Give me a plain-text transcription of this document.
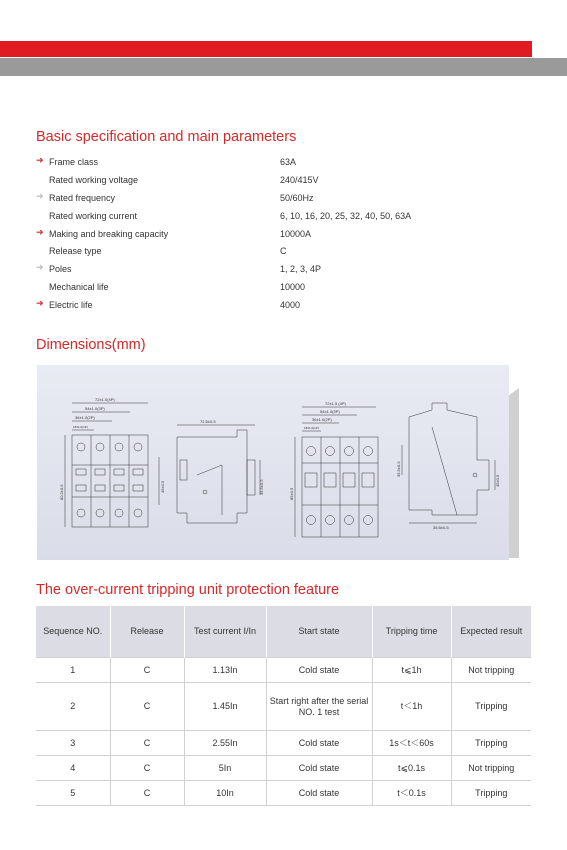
Basic specification and main parameters
➜ Frame class	63A
Rated working voltage	240/415V
➜ Rated frequency	50/60Hz
Rated working current	6, 10, 16, 20, 25, 32, 40, 50, 63A
➜ Making and breaking capacity	10000A
Release type	C
➜ Poles	1, 2, 3, 4P
Mechanical life	10000
➜ Electric life	4000
Dimensions(mm)
72±1.0(4P)
54±1.0(3P)
36±1.0(2P)
18±1.0(1P)
80.2±0.5	45±0.5
72.5±0.5
35.5±0.5
72±1.5 (4P)
54±1.0(3P)
36±1.0(2P)
18±1.0(1P)
85±0.5
35.5±0.5
45±0.5
35.5±0.5
The over-current tripping unit protection feature
Sequence NO.	Release	Test current I/In	Start state	Tripping time	Expected result
1	C	1.13In	Cold state	t⩽1h	Not tripping
2	C	1.45In	Start right after the serial NO. 1 test	t＜1h	Tripping
3	C	2.55In	Cold state	1s＜t＜60s	Tripping
4	C	5In	Cold state	t⩽0.1s	Not tripping
5	C	10In	Cold state	t＜0.1s	Tripping
